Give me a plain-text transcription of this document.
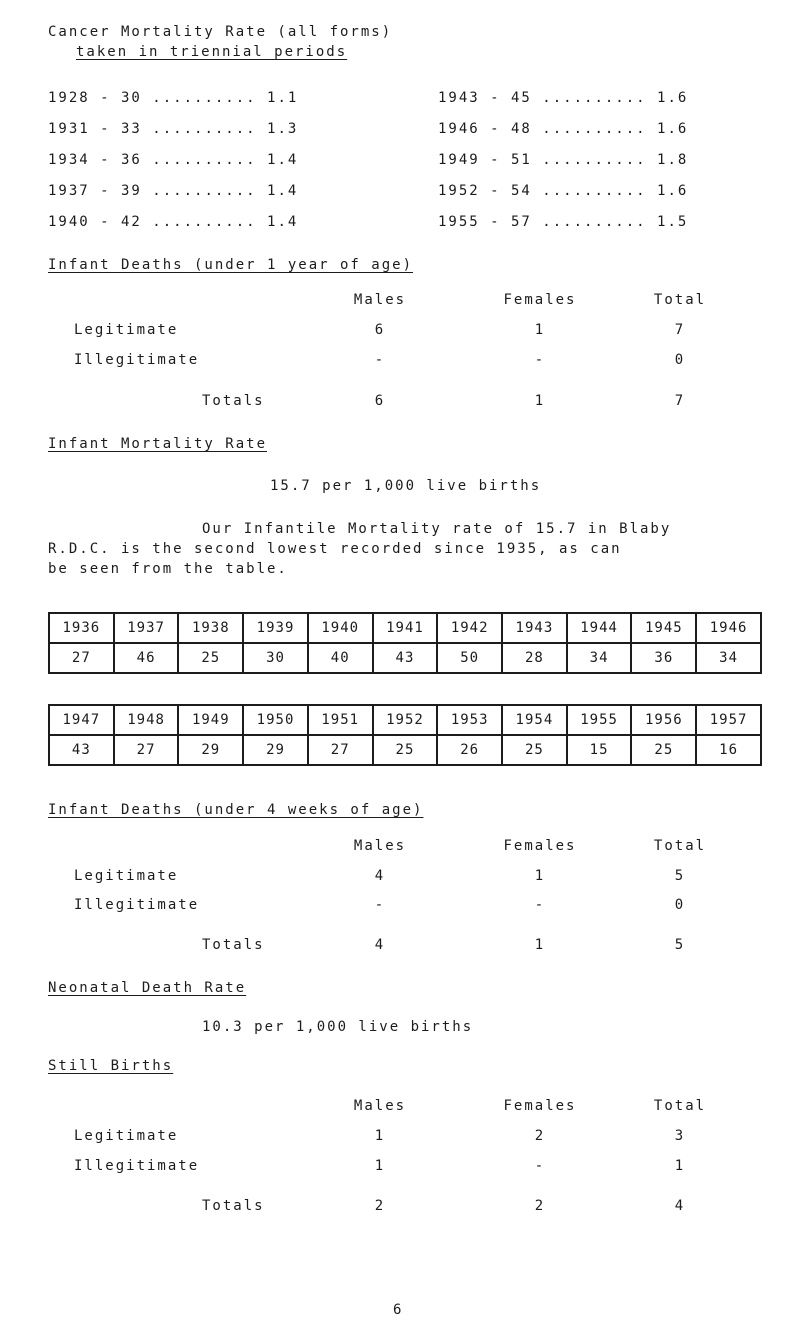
Cancer Mortality Rate (all forms)
taken in triennial periods
1928 - 30 .......... 1.1
1931 - 33 .......... 1.3
1934 - 36 .......... 1.4
1937 - 39 .......... 1.4
1940 - 42 .......... 1.4
1943 - 45 .......... 1.6
1946 - 48 .......... 1.6
1949 - 51 .......... 1.8
1952 - 54 .......... 1.6
1955 - 57 .......... 1.5
Infant Deaths (under 1 year of age)
Males	Females	Total
Legitimate	6	1	7
Illegitimate	-	-	0
Totals	6	1	7
Infant Mortality Rate
15.7 per 1,000 live births
Our Infantile Mortality rate of 15.7 in Blaby
R.D.C. is the second lowest recorded since 1935, as can
be seen from the table.
1936	1937	1938	1939	1940	1941	1942	1943	1944	1945	1946
27	46	25	30	40	43	50	28	34	36	34
1947	1948	1949	1950	1951	1952	1953	1954	1955	1956	1957
43	27	29	29	27	25	26	25	15	25	16
Infant Deaths (under 4 weeks of age)
Males	Females	Total
Legitimate	4	1	5
Illegitimate	-	-	0
Totals	4	1	5
Neonatal Death Rate
10.3 per 1,000 live births
Still Births
Males	Females	Total
Legitimate	1	2	3
Illegitimate	1	-	1
Totals	2	2	4
6
